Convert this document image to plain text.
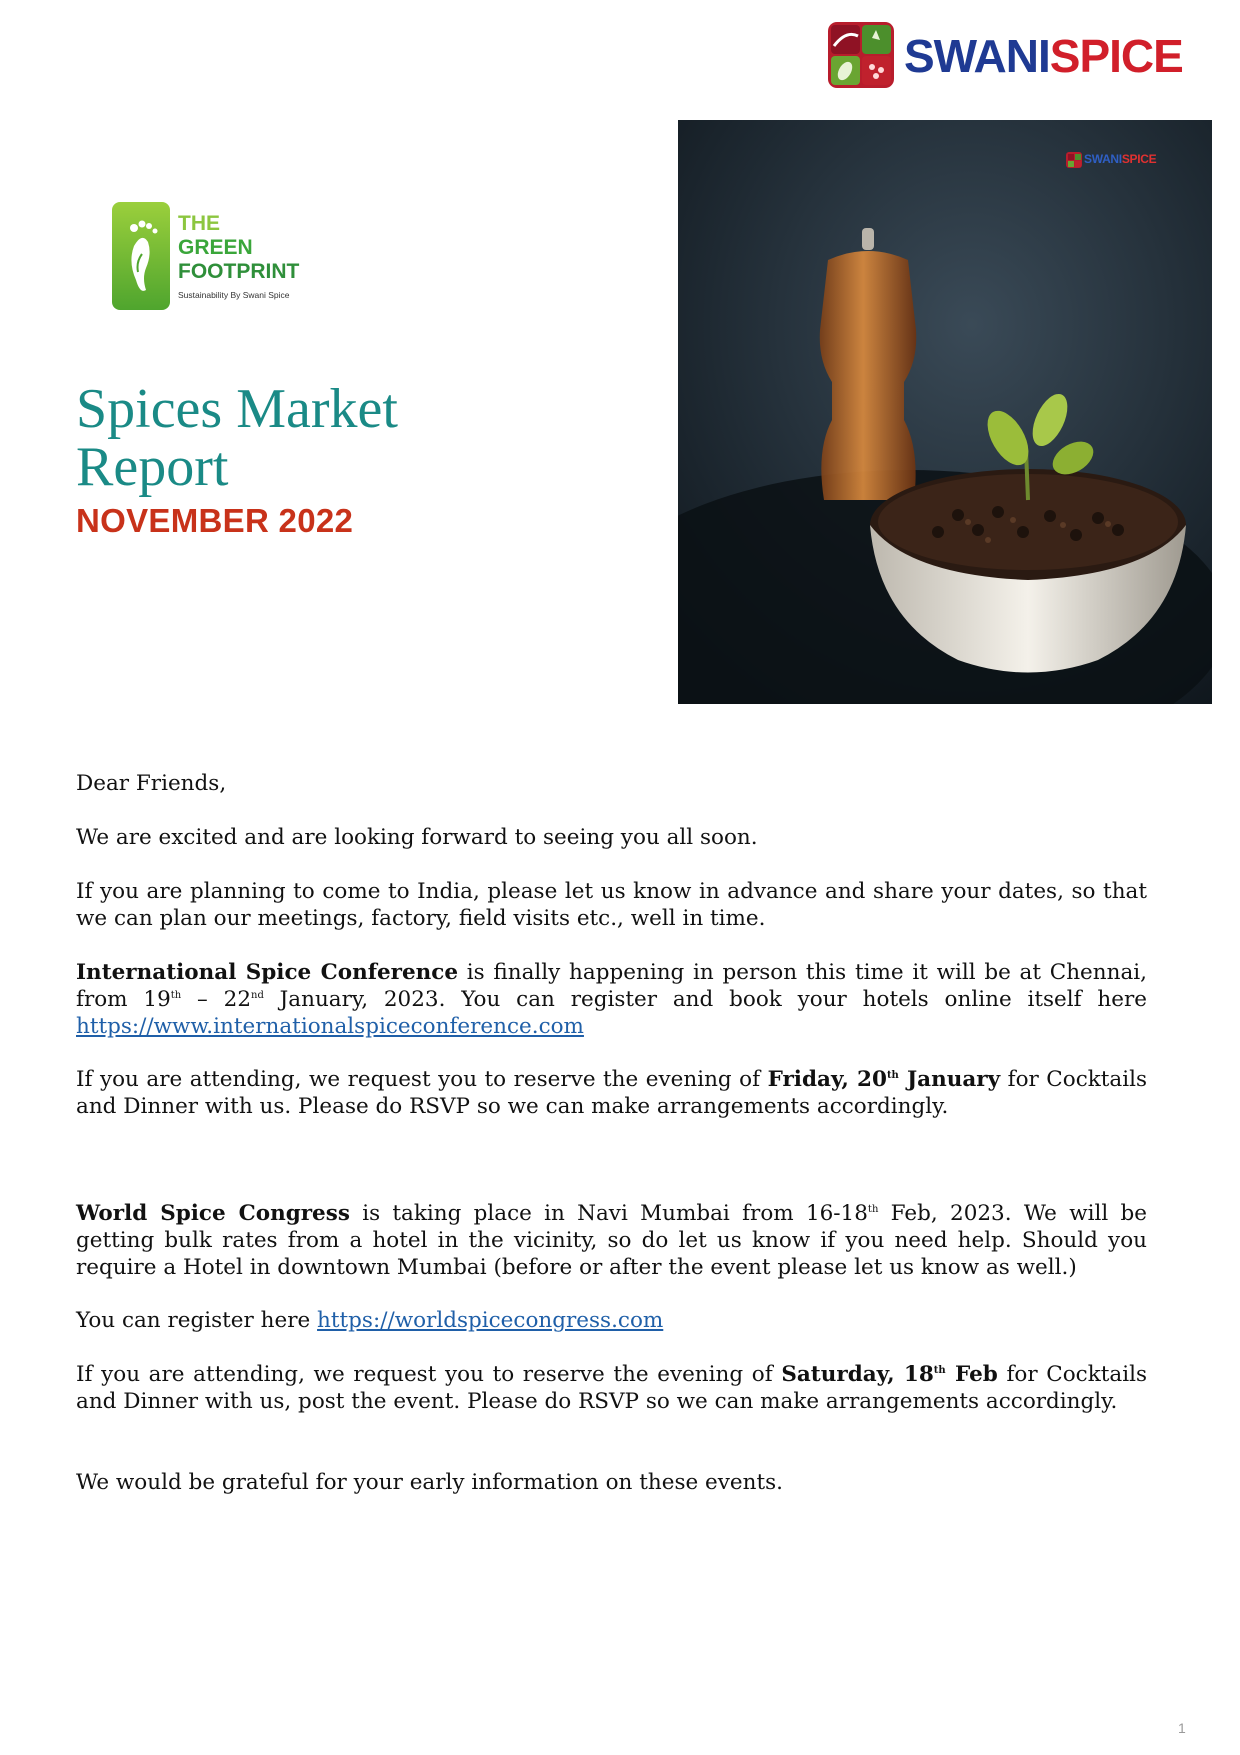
SWANISPICE
THE
GREEN
FOOTPRINT
Sustainability By Swani Spice
Spices Market
Report
NOVEMBER 2022
SWANISPICE

Dear Friends,

We are excited and are looking forward to seeing you all soon.

If you are planning to come to India, please let us know in advance and share your dates, so that we can plan our meetings, factory, field visits etc., well in time.

International Spice Conference is finally happening in person this time it will be at Chennai, from 19th – 22nd January, 2023. You can register and book your hotels online itself here https://www.internationalspiceconference.com

If you are attending, we request you to reserve the evening of Friday, 20th January for Cocktails and Dinner with us. Please do RSVP so we can make arrangements accordingly.

World Spice Congress is taking place in Navi Mumbai from 16-18th Feb, 2023. We will be getting bulk rates from a hotel in the vicinity, so do let us know if you need help. Should you require a Hotel in downtown Mumbai (before or after the event please let us know as well.)

You can register here https://worldspicecongress.com

If you are attending, we request you to reserve the evening of Saturday, 18th Feb for Cocktails and Dinner with us, post the event. Please do RSVP so we can make arrangements accordingly.

We would be grateful for your early information on these events.

1
